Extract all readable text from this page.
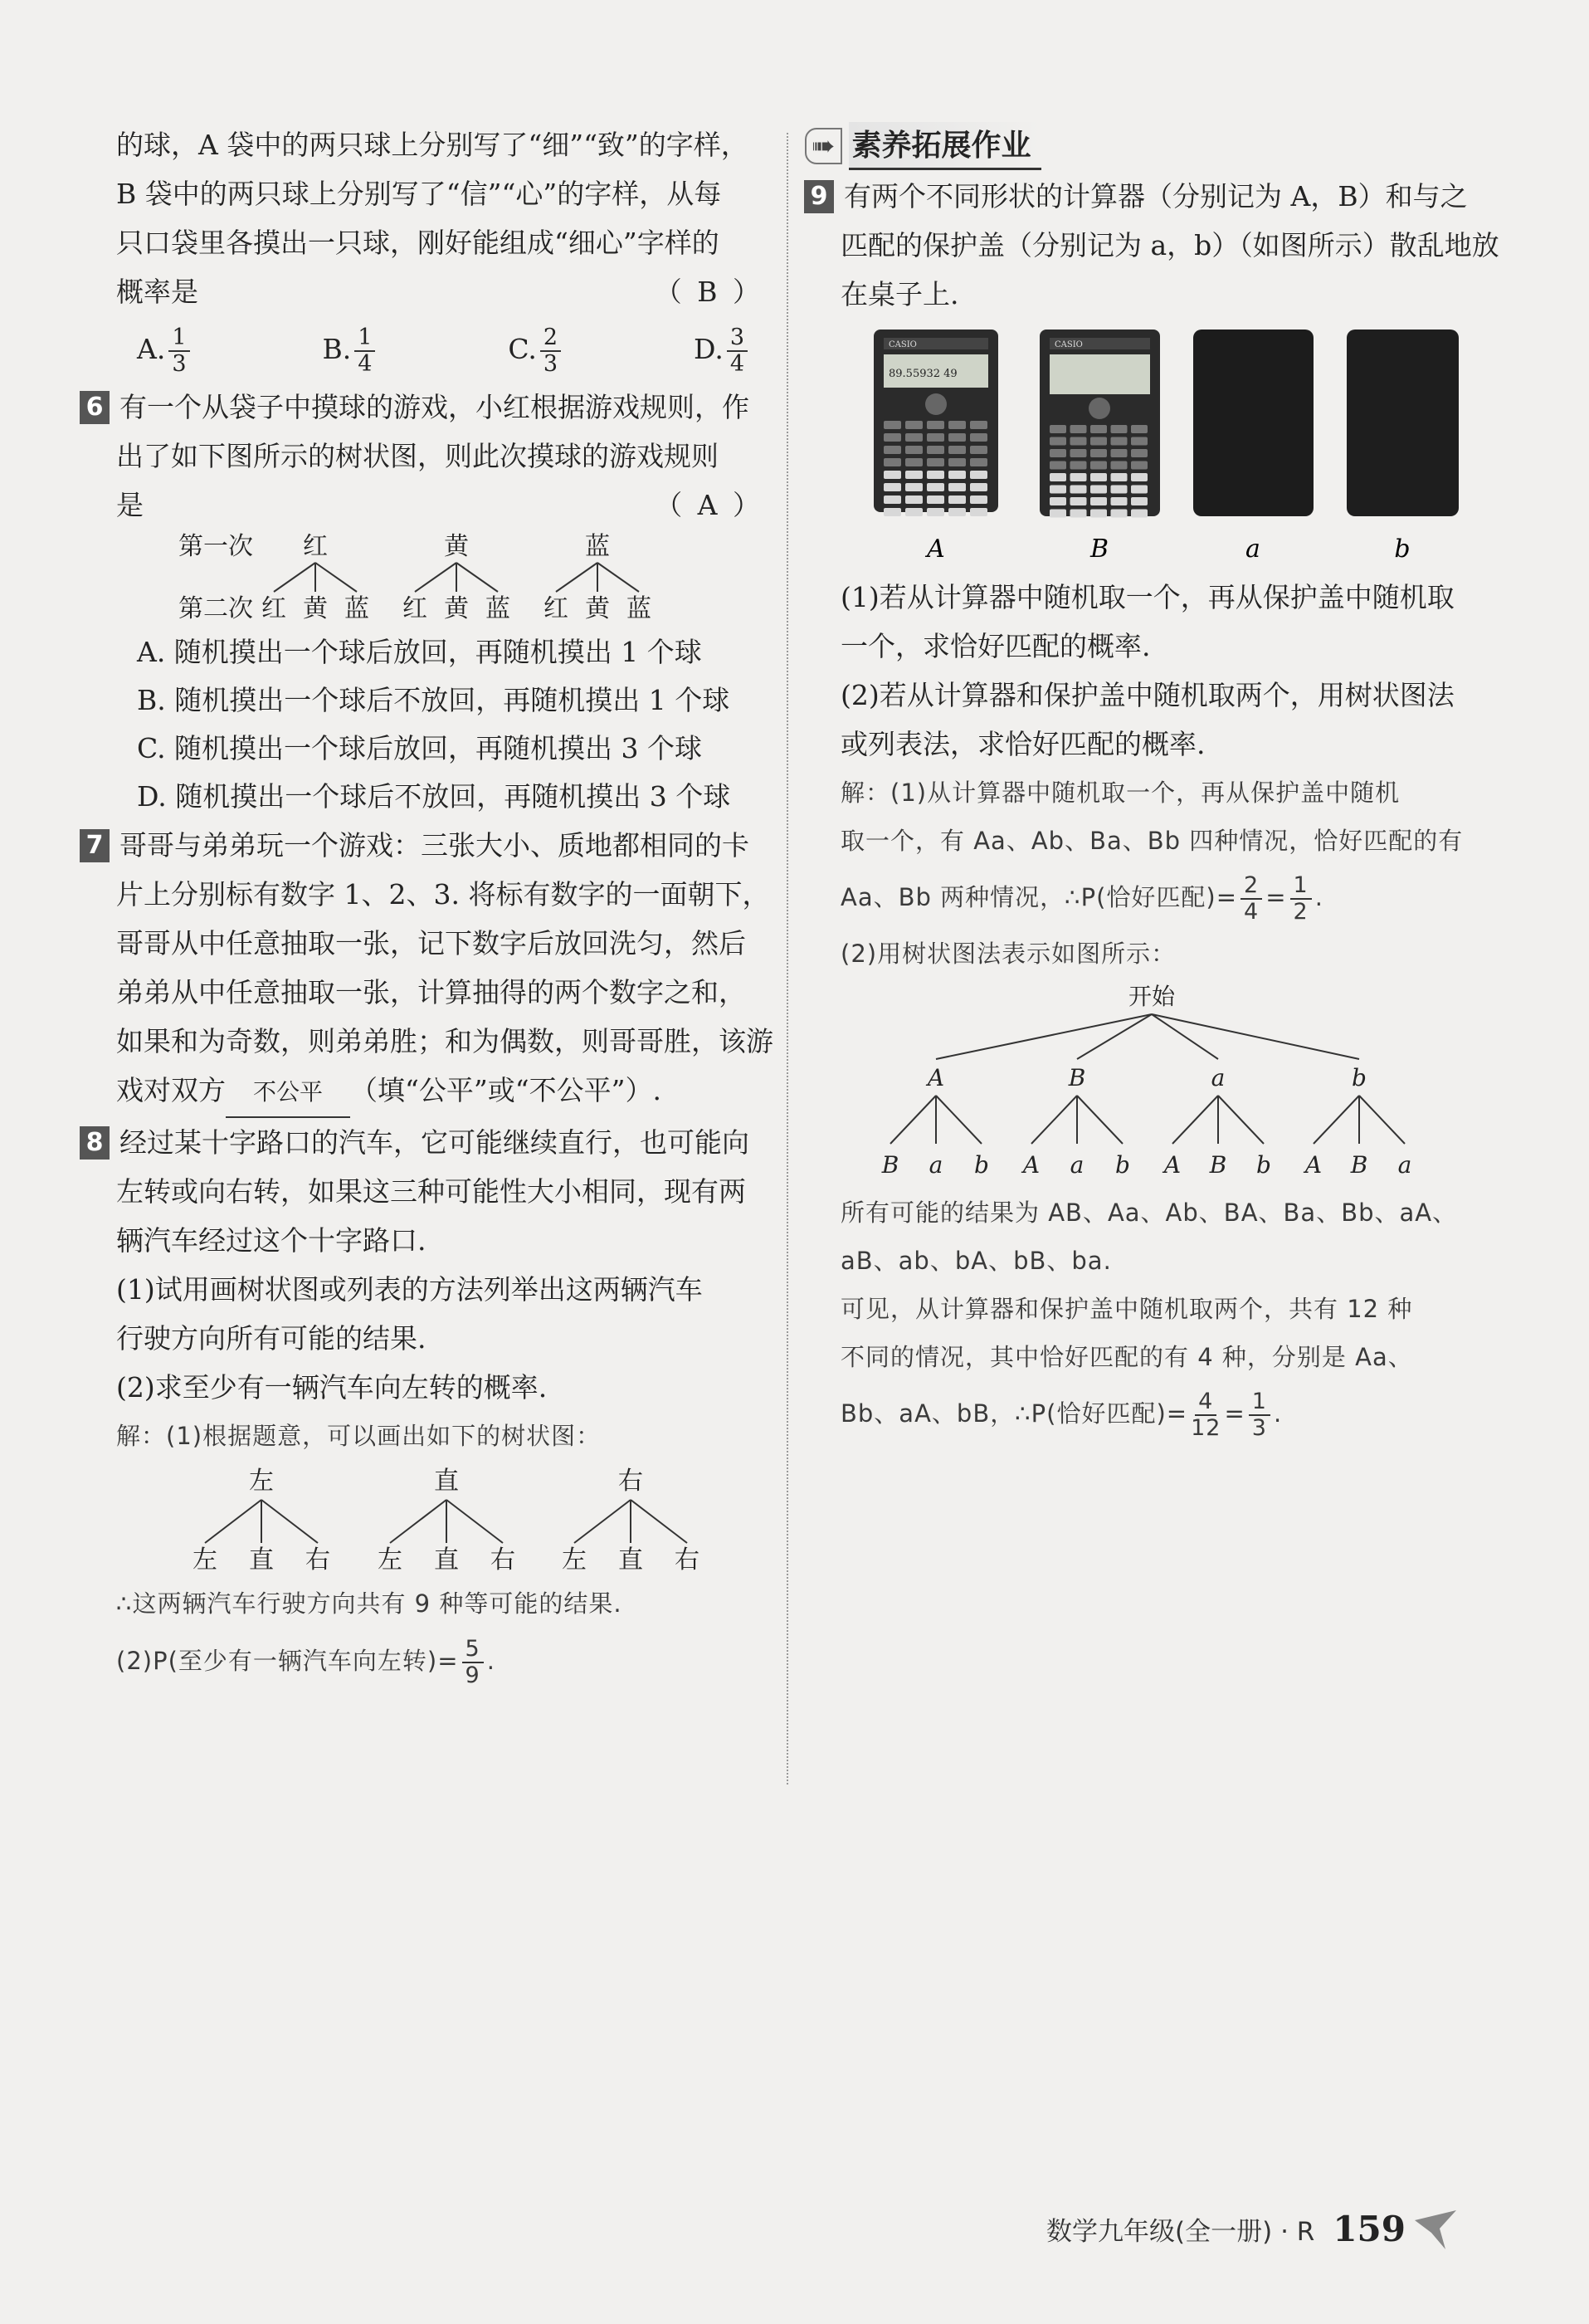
的球，A 袋中的两只球上分别写了“细”“致”的字样，
B 袋中的两只球上分别写了“信”“心”的字样，从每
只口袋里各摸出一只球，刚好能组成“细心”字样的
概率是	（ B ）
A. $\frac{1}{3}$	B. $\frac{1}{4}$	C. $\frac{2}{3}$	D. $\frac{3}{4}$
6 有一个从袋子中摸球的游戏，小红根据游戏规则，作
出了如下图所示的树状图，则此次摸球的游戏规则
是	（ A ）
第一次
第二次
红
红 黄 蓝
黄
红 黄 蓝
蓝
红 黄 蓝
A. 随机摸出一个球后放回，再随机摸出 1 个球
B. 随机摸出一个球后不放回，再随机摸出 1 个球
C. 随机摸出一个球后放回，再随机摸出 3 个球
D. 随机摸出一个球后不放回，再随机摸出 3 个球
7 哥哥与弟弟玩一个游戏：三张大小、质地都相同的卡
片上分别标有数字 1、2、3. 将标有数字的一面朝下，
哥哥从中任意抽取一张，记下数字后放回洗匀，然后
弟弟从中任意抽取一张，计算抽得的两个数字之和，
如果和为奇数，则弟弟胜；和为偶数，则哥哥胜，该游
戏对双方 不公平 （填“公平”或“不公平”）.
8 经过某十字路口的汽车，它可能继续直行，也可能向
左转或向右转，如果这三种可能性大小相同，现有两
辆汽车经过这个十字路口.
(1)试用画树状图或列表的方法列举出这两辆汽车
行驶方向所有可能的结果.
(2)求至少有一辆汽车向左转的概率.
解：(1)根据题意，可以画出如下的树状图：
左
左 直 右
直
左 直 右
右
左 直 右
∴这两辆汽车行驶方向共有 9 种等可能的结果.
(2)P(至少有一辆汽车向左转)= $\frac{5}{9}$ .
➠ 素养拓展作业
9 有两个不同形状的计算器（分别记为 A，B）和与之
匹配的保护盖（分别记为 a，b）（如图所示）散乱地放
在桌子上.
CASIO
89.55932 49
CASIO

A	B	a	b
(1)若从计算器中随机取一个，再从保护盖中随机取
一个，求恰好匹配的概率.
(2)若从计算器和保护盖中随机取两个，用树状图法
或列表法，求恰好匹配的概率.
解：(1)从计算器中随机取一个，再从保护盖中随机
取一个，有 Aa、Ab、Ba、Bb 四种情况，恰好匹配的有
Aa、Bb 两种情况，∴P(恰好匹配)= $\frac{2}{4} = \frac{1}{2}$ .
(2)用树状图法表示如图所示：
开始
A
B a b
B
A a b
a
A B b
b
A B a
所有可能的结果为 AB、Aa、Ab、BA、Ba、Bb、aA、
aB、ab、bA、bB、ba.
可见，从计算器和保护盖中随机取两个，共有 12 种
不同的情况，其中恰好匹配的有 4 种，分别是 Aa、
Bb、aA、bB，∴P(恰好匹配)= $\frac{4}{12} = \frac{1}{3}$ .
数学九年级(全一册) · R 159
